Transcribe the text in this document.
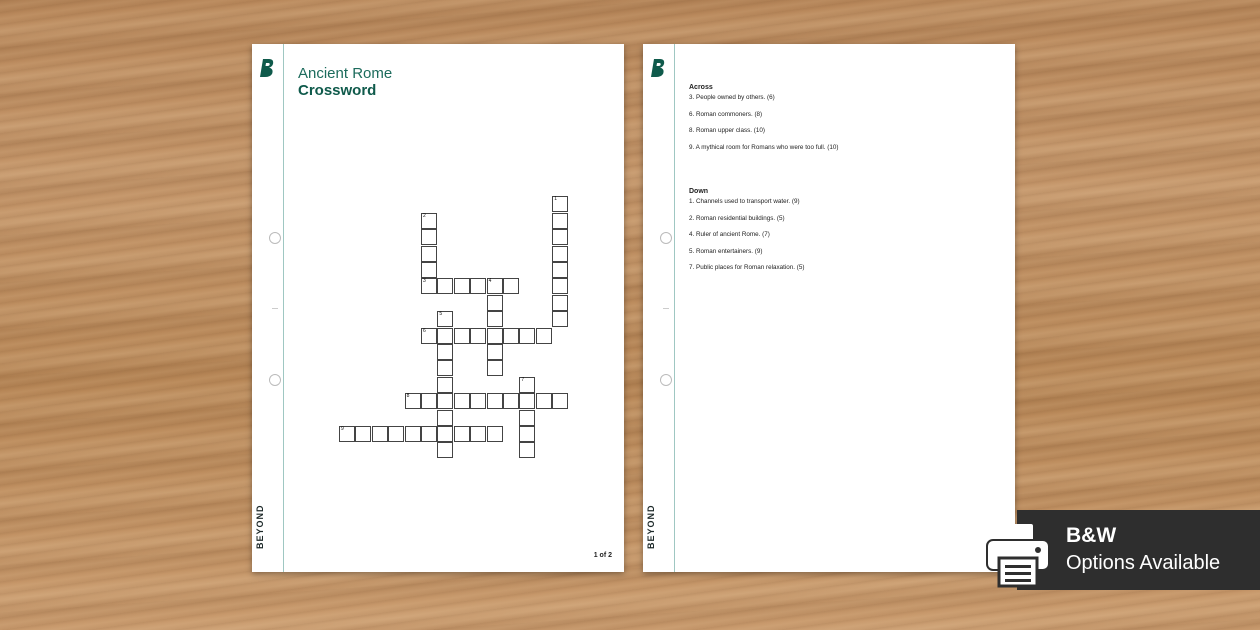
BEYOND
Ancient Rome
Crossword
1
2
3	4
5
6
7
8
9
1 of 2
BEYOND
Across
3. People owned by others. (6)
6. Roman commoners. (8)
8. Roman upper class. (10)
9. A mythical room for Romans who were too full. (10)
Down
1. Channels used to transport water. (9)
2. Roman residential buildings. (5)
4. Ruler of ancient Rome. (7)
5. Roman entertainers. (9)
7. Public places for Roman relaxation. (5)
B&W
Options Available
